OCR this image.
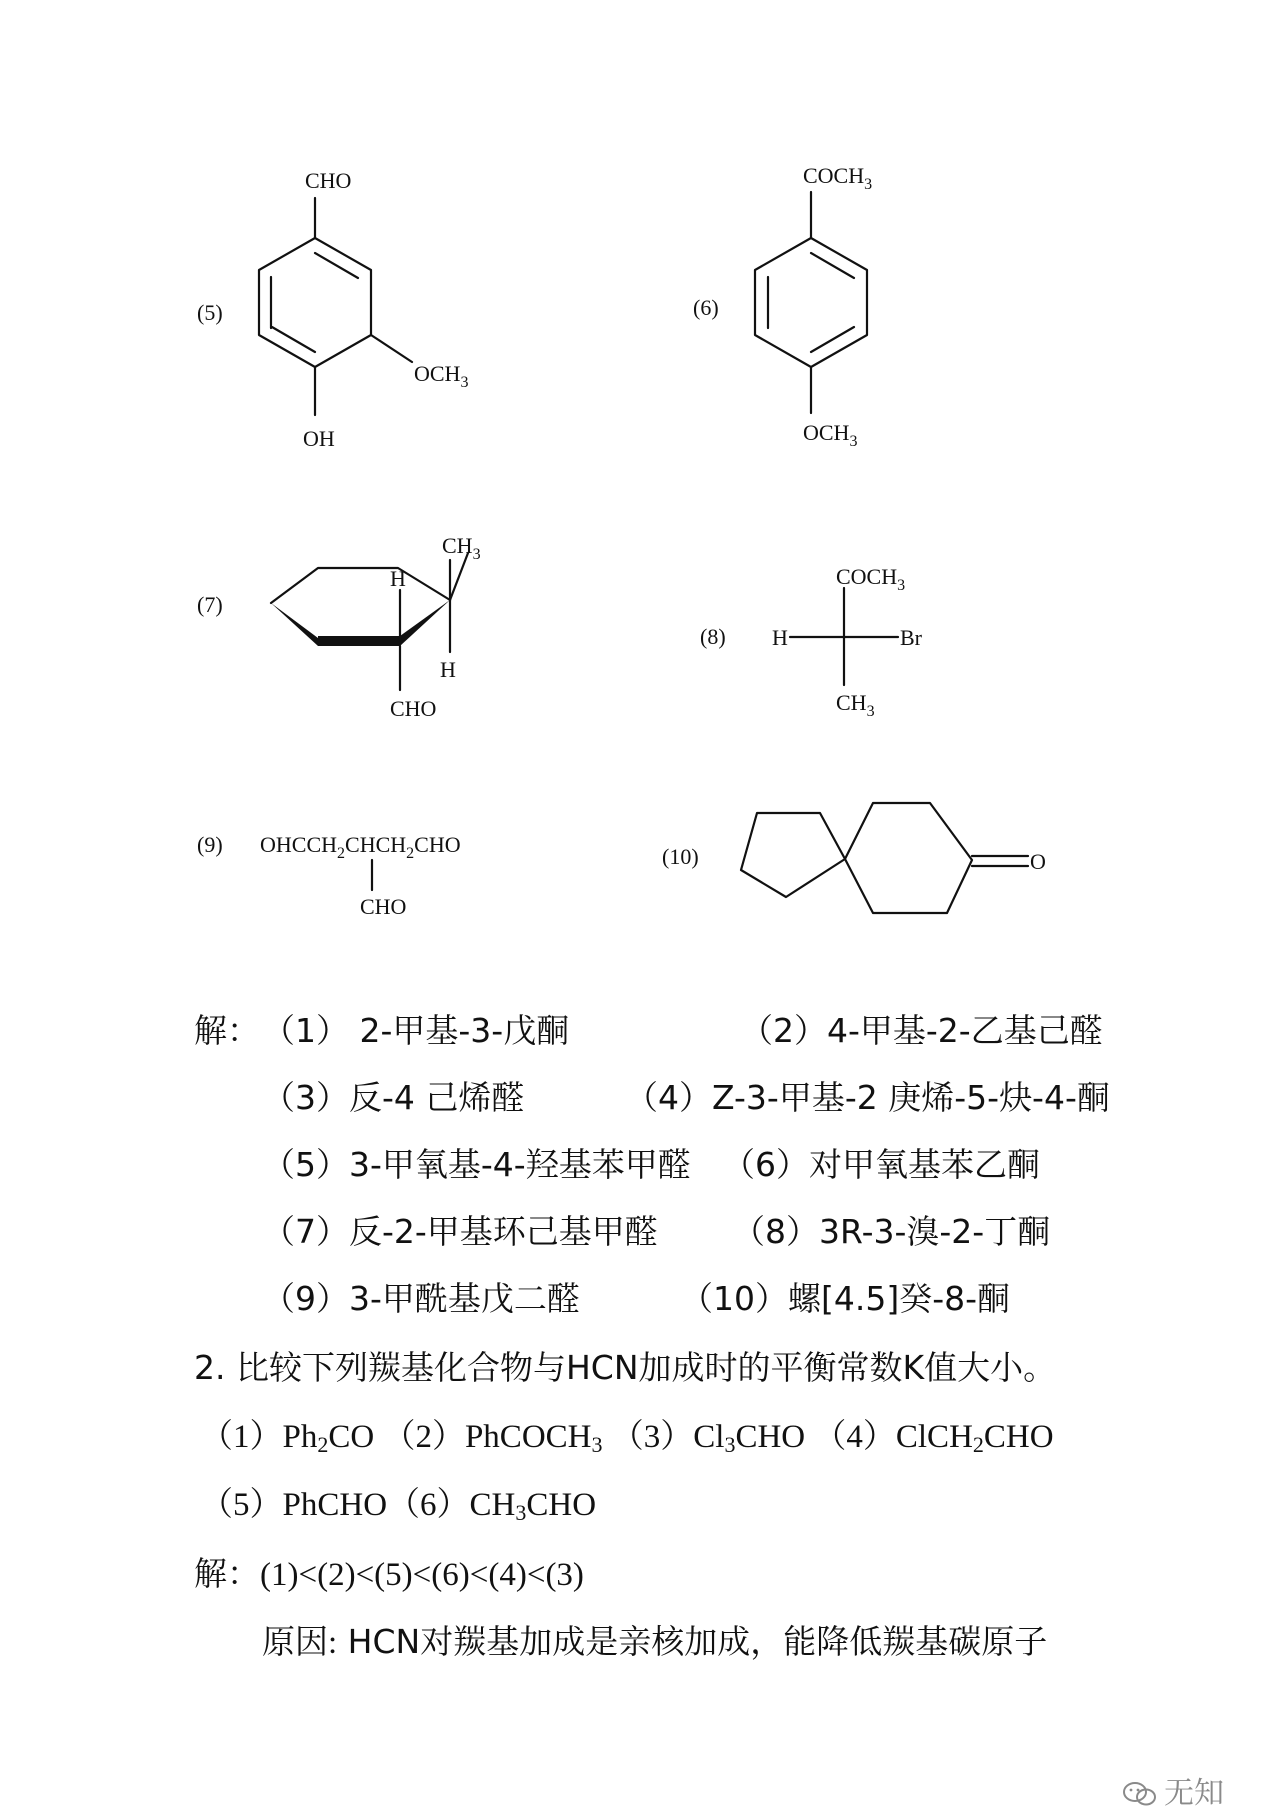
(5)
CHO
$OCH_3$
OH
(6)
$COCH_3$
$OCH_3$
(7)
$CH_3$
H
H
CHO
(8)
$COCH_3$
H	Br
$CH_3$
(9) $OHCCH_2CHCH_2CHO$
CHO
(10)	O
解： （1） 2-甲基-3-戊酮	（2）4-甲基-2-乙基己醛
（3）反-4 己烯醛	（4）Z-3-甲基-2 庚烯-5-炔-4-酮
（5）3-甲氧基-4-羟基苯甲醛 （6）对甲氧基苯乙酮
（7）反-2-甲基环己基甲醛 （8）3R-3-溴-2-丁酮
（9）3-甲酰基戊二醛	（10）螺[4.5]癸-8-酮
2. 比较下列羰基化合物与HCN加成时的平衡常数K值大小。
（1）Ph2CO （2）PhCOCH3 （3）Cl3CHO （4）ClCH2CHO
（5）PhCHO（6）CH3CHO
解：(1)<(2)<(5)<(6)<(4)<(3)
原因: HCN对羰基加成是亲核加成，能降低羰基碳原子
无知
